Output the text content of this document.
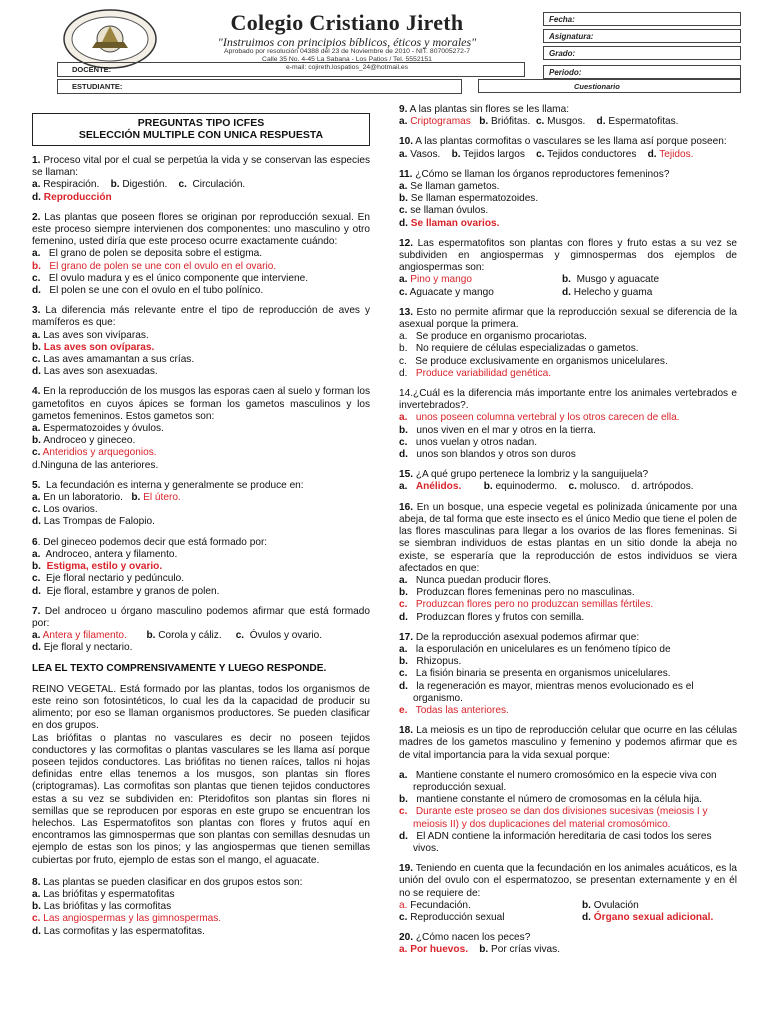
Colegio Cristiano Jireth
"Instruimos con principios bíblicos, éticos y morales"
Aprobado por resolución 04388 del 23 de Noviembre de 2010 - NIT. 807005272-7
Calle 35 No. 4-45 La Sabana - Los Patios / Tel. 5552151
e-mail: cojireth.lospatios_24@hotmail.es
Fecha:
Asignatura:
Grado:
Periodo:
DOCENTE:
ESTUDIANTE:	Cuestionario
PREGUNTAS TIPO ICFES
SELECCIÓN MULTIPLE CON UNICA RESPUESTA
1. Proceso vital por el cual se perpetúa la vida y se conservan las especies se llaman:
a. Respiración. b. Digestión. c. Circulación.
d. Reproducción
2. Las plantas que poseen flores se originan por reproducción sexual. En este proceso siempre intervienen dos componentes: uno masculino y otro femenino, usted diría que este proceso ocurre exactamente cuándo:
a. El grano de polen se deposita sobre el estigma.
b. El grano de polen se une con el ovulo en el ovario.
c. El ovulo madura y es el único componente que interviene.
d. El polen se une con el ovulo en el tubo polínico.
3. La diferencia más relevante entre el tipo de reproducción de aves y mamíferos es que:
a. Las aves son vivíparas.
b. Las aves son ovíparas.
c. Las aves amamantan a sus crías.
d. Las aves son asexuadas.
4. En la reproducción de los musgos las esporas caen al suelo y forman los gametofitos en cuyos ápices se forman los gametos masculinos y los gametos femeninos. Estos gametos son:
a. Espermatozoides y óvulos.
b. Androceo y gineceo.
c. Anteridios y arquegonios.
d.Ninguna de las anteriores.
5. La fecundación es interna y generalmente se produce en:
a. En un laboratorio. b. El útero.
c. Los ovarios.
d. Las Trompas de Falopio.
6. Del gineceo podemos decir que está formado por:
a. Androceo, antera y filamento.
b. Estigma, estilo y ovario.
c. Eje floral nectario y pedúnculo.
d. Eje floral, estambre y granos de polen.
7. Del androceo u órgano masculino podemos afirmar que está formado por:
a. Antera y filamento. b. Corola y cáliz. c. Óvulos y ovario.
d. Eje floral y nectario.
LEA EL TEXTO COMPRENSIVAMENTE Y LUEGO RESPONDE.
REINO VEGETAL. Está formado por las plantas, todos los organismos de este reino son fotosintéticos, lo cual les da la capacidad de producir su alimento; por eso se llaman organismos productores. Se pueden clasificar en dos grupos.
Las briófitas o plantas no vasculares es decir no poseen tejidos conductores y las cormofitas o plantas vasculares se les llama así porque poseen tejidos conductores. Las briófitas no tienen raíces, tallos ni hojas definidas entre ellas tenemos a los musgos, son plantas sin flores (criptogramas). Las cormofitas son plantas que tienen tejidos conductores estas a su vez se subdividen en: Pteridofitos son plantas sin flores ni semillas que se reproducen por esporas en este grupo se encuentran los helechos. Las Espermatofitos son plantas con flores y frutos aquí en encontramos las gimnospermas que son plantas con semillas desnudas un ejemplo de estas son los pinos; y las angiospermas que tienen semillas cubiertas por fruto, ejemplo de estas son el mango, el aguacate.
8. Las plantas se pueden clasificar en dos grupos estos son:
a. Las briófitas y espermatofitas
b. Las briófitas y las cormofitas
c. Las angiospermas y las gimnospermas.
d. Las cormofitas y las espermatofitas.
9. A las plantas sin flores se les llama:
a. Criptogramas b. Briófitas. c. Musgos. d. Espermatofitas.
10. A las plantas cormofitas o vasculares se les llama así porque poseen:
a. Vasos. b. Tejidos largos c. Tejidos conductores d. Tejidos.
11. ¿Cómo se llaman los órganos reproductores femeninos?
a. Se llaman gametos.
b. Se llaman espermatozoides.
c. se llaman óvulos.
d. Se llaman ovarios.
12. Las espermatofitos son plantas con flores y fruto estas a su vez se subdividen en angiospermas y gimnospermas dos ejemplos de angiospermas son:
a. Pino y mango	b. Musgo y aguacate
c. Aguacate y mango	d. Helecho y guama
13. Esto no permite afirmar que la reproducción sexual se diferencia de la asexual porque la primera.
a.   Se produce en organismo procariotas.
b.   No requiere de células especializadas o gametos.
c.   Se produce exclusivamente en organismos unicelulares.
d.   Produce variabilidad genética.
14.¿Cuál es la diferencia más importante entre los animales vertebrados e invertebrados?.
a. unos poseen columna vertebral y los otros carecen de ella.
b. unos viven en el mar y otros en la tierra.
c. unos vuelan y otros nadan.
d. unos son blandos y otros son duros
15. ¿A qué grupo pertenece la lombriz y la sanguijuela?
a. Anélidos. b. equinodermo. c. molusco.    d. artrópodos.
16. En un bosque, una especie vegetal es polinizada únicamente por una abeja, de tal forma que este insecto es el único Medio que tiene el polen de las flores masculinas para llegar a los ovarios de las flores femeninas. Si se siembran individuos de estas plantas en un sitio donde la abeja no existe, se esperaría que la reproducción de estos individuos se viera afectados en que:
a. Nunca puedan producir flores.
b. Produzcan flores femeninas pero no masculinas.
c. Produzcan flores pero no produzcan semillas fértiles.
d. Produzcan flores y frutos con semilla.
17. De la reproducción asexual podemos afirmar que:
a. la esporulación en unicelulares es un fenómeno típico de
b. Rhizopus.
c. La fisión binaria se presenta en organismos unicelulares.
d. la regeneración es mayor, mientras menos evolucionado es el organismo.
e. Todas las anteriores.
18. La meiosis es un tipo de reproducción celular que ocurre en las células madres de los gametos masculino y femenino y podemos afirmar que es de vital importancia para la vida sexual porque:
a. Mantiene constante el numero cromosómico en la especie viva con reproducción sexual.
b. mantiene constante el número de cromosomas en la célula hija.
c. Durante este proseo se dan dos divisiones sucesivas (meiosis I y meiosis II) y dos duplicaciones del material cromosómico.
d. El ADN contiene la información hereditaria de casi todos los seres vivos.
19. Teniendo en cuenta que la fecundación en los animales acuáticos, es la unión del ovulo con el espermatozoo, se presentan externamente y en él no se requiere de:
a. Fecundación.	b. Ovulación
c. Reproducción sexual	d. Órgano sexual adicional.
20. ¿Cómo nacen los peces?
a. Por huevos. b. Por crías vivas.
